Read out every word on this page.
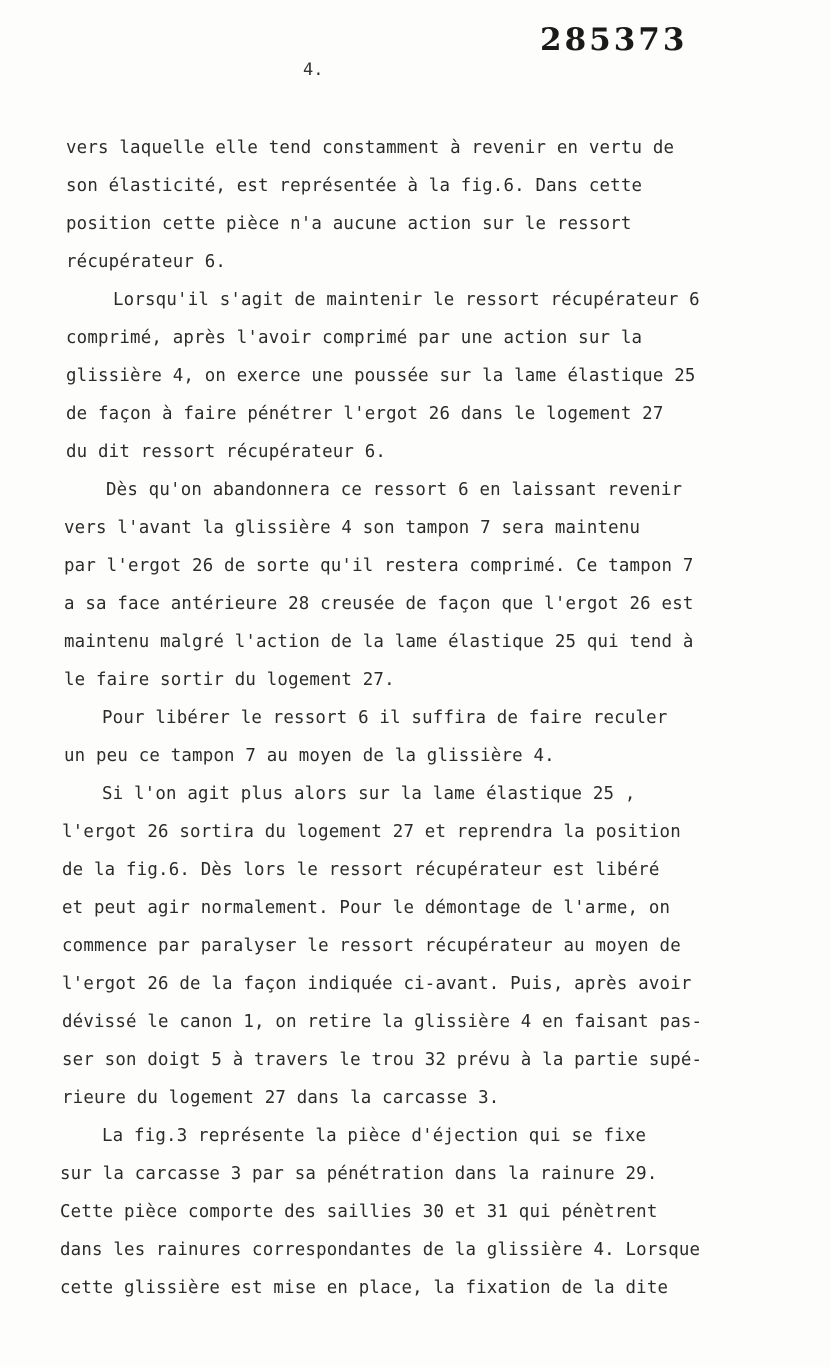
285373
4.
vers laquelle elle tend constamment à revenir en vertu de
son élasticité, est représentée à la fig.6. Dans cette
position cette pièce n'a aucune action sur le ressort
récupérateur 6.
Lorsqu'il s'agit de maintenir le ressort récupérateur 6
comprimé, après l'avoir comprimé par une action sur la
glissière 4, on exerce une poussée sur la lame élastique 25
de façon à faire pénétrer l'ergot 26 dans le logement 27
du dit ressort récupérateur 6.
Dès qu'on abandonnera ce ressort 6 en laissant revenir
vers l'avant la glissière 4 son tampon 7 sera maintenu
par l'ergot 26 de sorte qu'il restera comprimé. Ce tampon 7
a sa face antérieure 28 creusée de façon que l'ergot 26 est
maintenu malgré l'action de la lame élastique 25 qui tend à
le faire sortir du logement 27.
Pour libérer le ressort 6 il suffira de faire reculer
un peu ce tampon 7 au moyen de la glissière 4.
Si l'on agit plus alors sur la lame élastique 25 ,
l'ergot 26 sortira du logement 27 et reprendra la position
de la fig.6. Dès lors le ressort récupérateur est libéré
et peut agir normalement. Pour le démontage de l'arme, on
commence par paralyser le ressort récupérateur au moyen de
l'ergot 26 de la façon indiquée ci-avant. Puis, après avoir
dévissé le canon 1, on retire la glissière 4 en faisant pas-
ser son doigt 5 à travers le trou 32 prévu à la partie supé-
rieure du logement 27 dans la carcasse 3.
La fig.3 représente la pièce d'éjection qui se fixe
sur la carcasse 3 par sa pénétration dans la rainure 29.
Cette pièce comporte des saillies 30 et 31 qui pénètrent
dans les rainures correspondantes de la glissière 4. Lorsque
cette glissière est mise en place, la fixation de la dite
